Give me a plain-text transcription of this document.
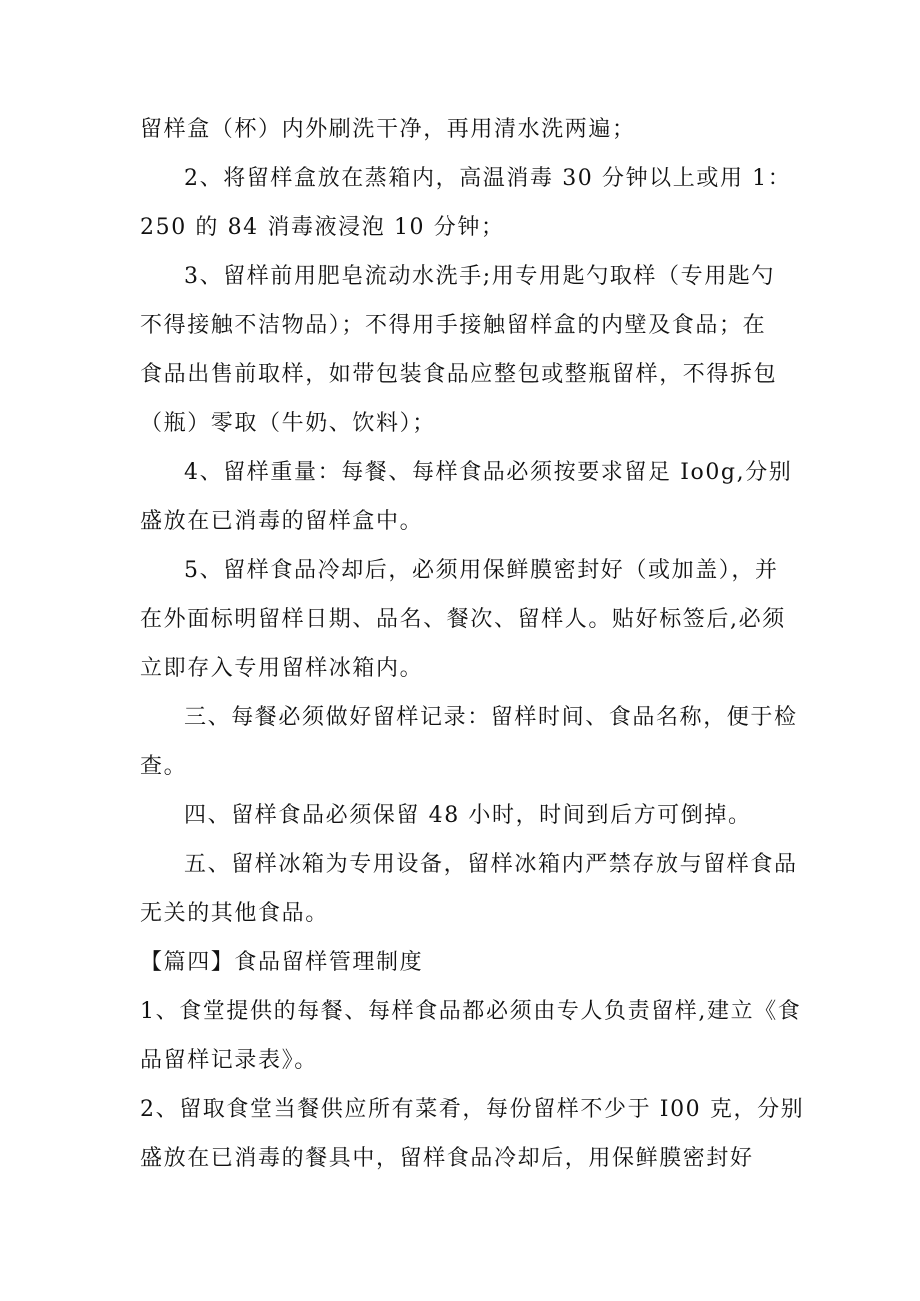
留样盒（杯）内外刷洗干净，再用清水洗两遍；
2、将留样盒放在蒸箱内，高温消毒 30 分钟以上或用 1：
250 的 84 消毒液浸泡 10 分钟；
3、留样前用肥皂流动水洗手;用专用匙勺取样（专用匙勺
不得接触不洁物品）；不得用手接触留样盒的内壁及食品；在
食品出售前取样，如带包装食品应整包或整瓶留样，不得拆包
（瓶）零取（牛奶、饮料）；
4、留样重量：每餐、每样食品必须按要求留足 Io0g,分别
盛放在已消毒的留样盒中。
5、留样食品冷却后，必须用保鲜膜密封好（或加盖），并
在外面标明留样日期、品名、餐次、留样人。贴好标签后,必须
立即存入专用留样冰箱内。
三、每餐必须做好留样记录：留样时间、食品名称，便于检
查。
四、留样食品必须保留 48 小时，时间到后方可倒掉。
五、留样冰箱为专用设备，留样冰箱内严禁存放与留样食品
无关的其他食品。
【篇四】食品留样管理制度
1、食堂提供的每餐、每样食品都必须由专人负责留样,建立《食
品留样记录表》。
2、留取食堂当餐供应所有菜肴，每份留样不少于 I00 克，分别
盛放在已消毒的餐具中，留样食品冷却后，用保鲜膜密封好
